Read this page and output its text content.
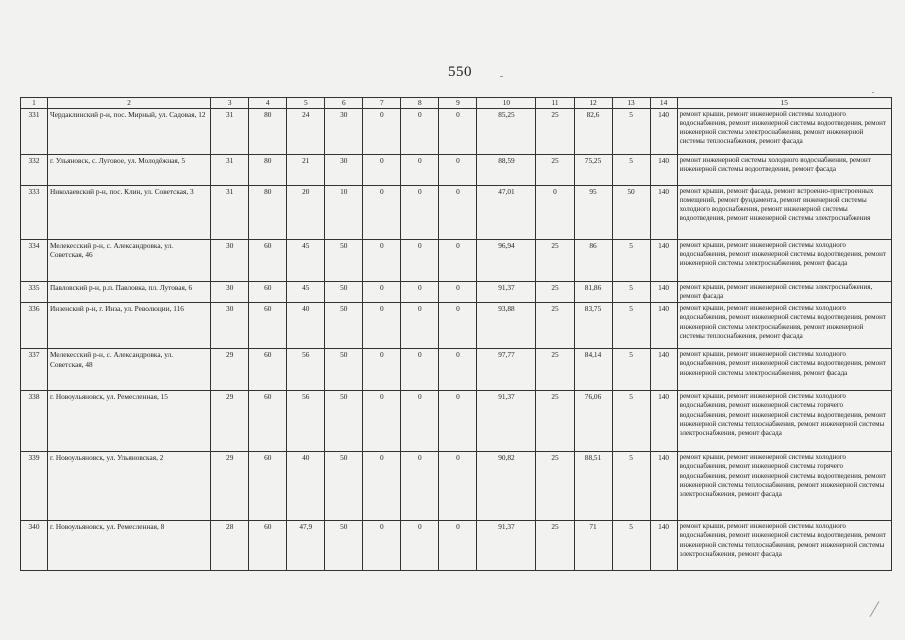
550
1	2	3	4	5	6	7	8	9	10	11	12	13	14	15
331	Чердаклинский р-н, пос. Мирный, ул. Садовая, 12	31	80	24	30	0	0	0	85,25	25	82,6	5	140	ремонт крыши, ремонт инженерной системы холодного водоснабжения, ремонт инженерной системы водоотведения, ремонт инженерной системы электроснабжения, ремонт инженерной системы теплоснабжения, ремонт фасада
332	г. Ульяновск, с. Луговое, ул. Молодёжная, 5	31	80	21	30	0	0	0	88,59	25	75,25	5	140	ремонт инженерной системы холодного водоснабжения, ремонт инженерной системы водоотведения, ремонт фасада
333	Николаевский р-н, пос. Клин, ул. Советская, 3	31	80	20	10	0	0	0	47,01	0	95	50	140	ремонт крыши, ремонт фасада, ремонт встроенно-пристроенных помещений, ремонт фундамента, ремонт инженерной системы холодного водоснабжения, ремонт инженерной системы водоотведения, ремонт инженерной системы электроснабжения
334	Мелекесский р-н, с. Александровка, ул. Советская, 46	30	60	45	50	0	0	0	96,94	25	86	5	140	ремонт крыши, ремонт инженерной системы холодного водоснабжения, ремонт инженерной системы водоотведения, ремонт инженерной системы электроснабжения, ремонт фасада
335	Павловский р-н, р.п. Павловка, пл. Лутовая, 6	30	60	45	50	0	0	0	91,37	25	81,86	5	140	ремонт крыши, ремонт инженерной системы электроснабжения, ремонт фасада
336	Инзенский р-н, г. Инза, ул. Революции, 116	30	60	40	50	0	0	0	93,88	25	83,75	5	140	ремонт крыши, ремонт инженерной системы холодного водоснабжения, ремонт инженерной системы водоотведения, ремонт инженерной системы электроснабжения, ремонт инженерной системы теплоснабжения, ремонт фасада
337	Мелекесский р-н, с. Александровка, ул. Советская, 48	29	60	56	50	0	0	0	97,77	25	84,14	5	140	ремонт крыши, ремонт инженерной системы холодного водоснабжения, ремонт инженерной системы водоотведения, ремонт инженерной системы электроснабжения, ремонт фасада
338	г. Новоульяновск, ул. Ремесленная, 15	29	60	56	50	0	0	0	91,37	25	76,06	5	140	ремонт крыши, ремонт инженерной системы холодного водоснабжения, ремонт инженерной системы горячего водоснабжения, ремонт инженерной системы водоотведения, ремонт инженерной системы теплоснабжения, ремонт инженерной системы электроснабжения, ремонт фасада
339	г. Новоульяновск, ул. Ульяновская, 2	29	60	40	50	0	0	0	90,82	25	88,51	5	140	ремонт крыши, ремонт инженерной системы холодного водоснабжения, ремонт инженерной системы горячего водоснабжения, ремонт инженерной системы водоотведения, ремонт инженерной системы теплоснабжения, ремонт инженерной системы электроснабжения, ремонт фасада
340	г. Новоульяновск, ул. Ремесленная, 8	28	60	47,9	50	0	0	0	91,37	25	71	5	140	ремонт крыши, ремонт инженерной системы холодного водоснабжения, ремонт инженерной системы водоотведения, ремонт инженерной системы теплоснабжения, ремонт инженерной системы электроснабжения, ремонт фасада
